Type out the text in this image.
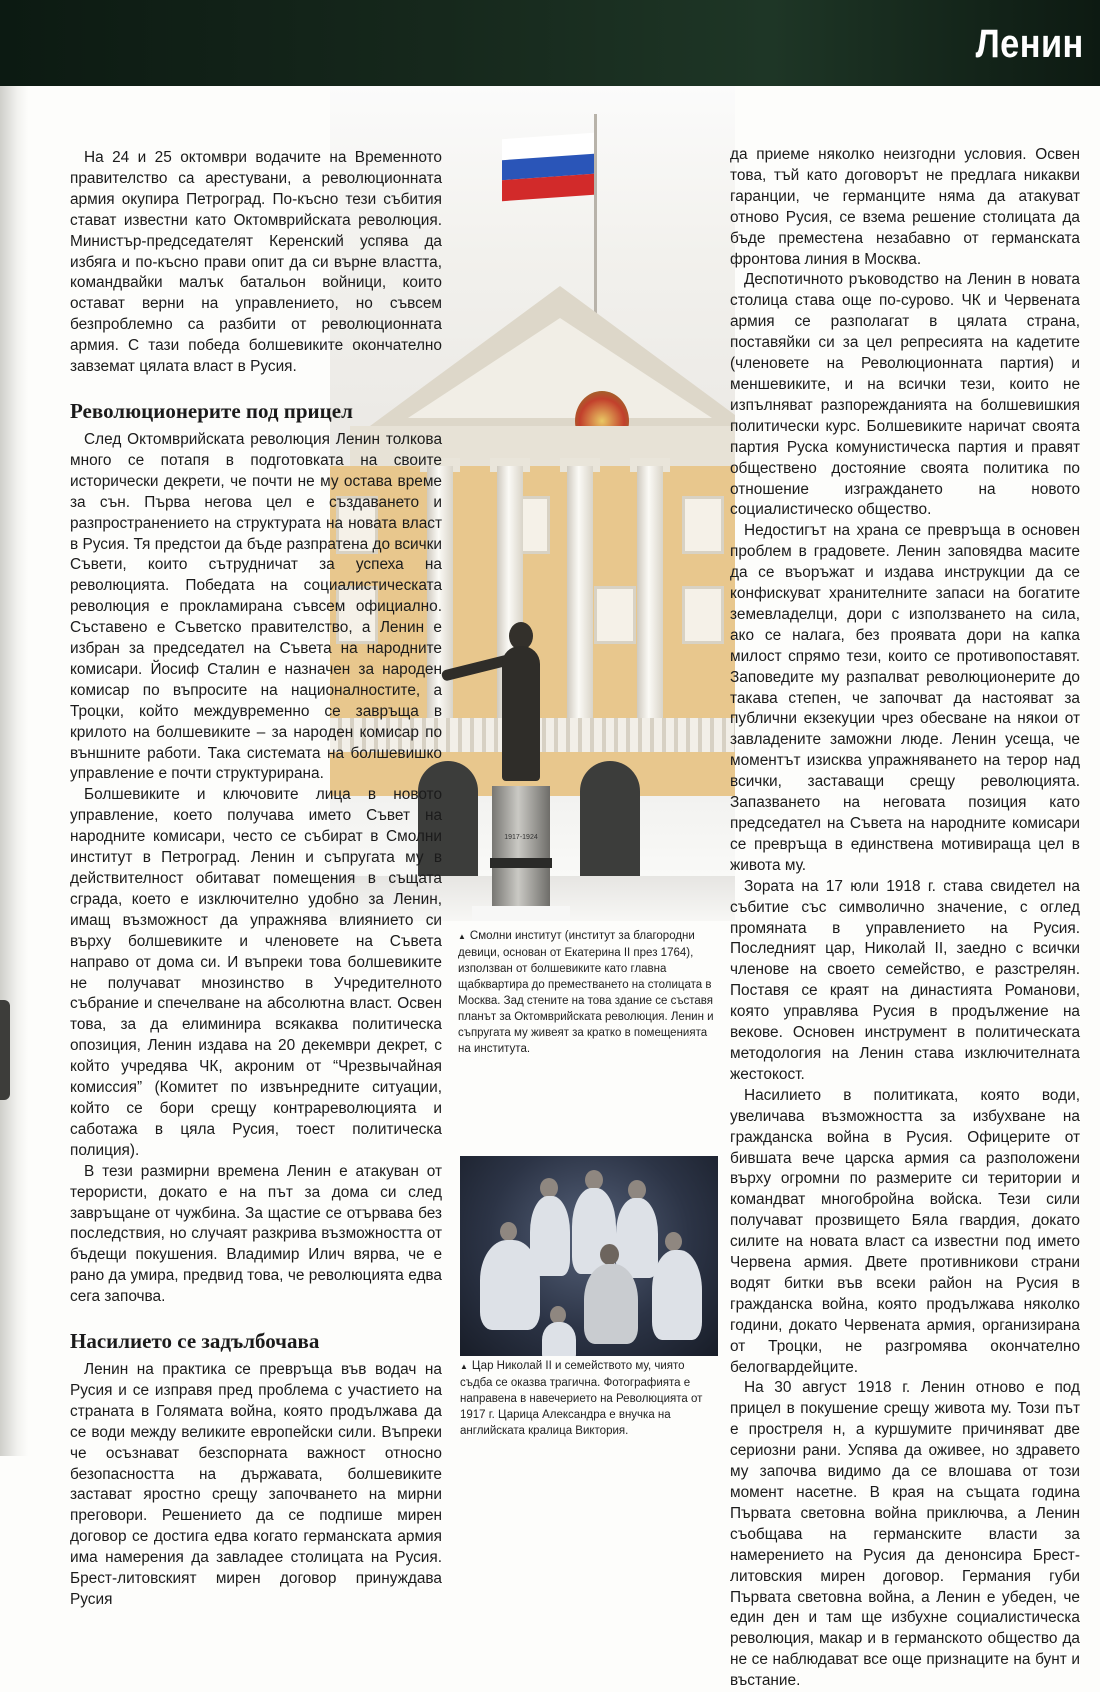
Ленин
1917-1924
▲ Смолни институт (институт за благородни девици, основан от Екатерина II през 1764), използван от болшевиките като главна щабквартира до преместването на столицата в Москва. Зад стените на това здание се съставя планът за Октомврийската революция. Ленин и съпругата му живеят за кратко в помещенията на института.
▲ Цар Николай II и семейството му, чиято съдба се оказва трагична. Фотографията е направена в навечерието на Революцията от 1917 г. Царица Александра е внучка на английската кралица Виктория.

На 24 и 25 октомври водачите на Временното правителство са арестувани, а революционната армия окупира Петроград. По-късно тези събития стават известни като Октомврийската революция. Министър-председателят Керенский успява да избяга и по-късно прави опит да си върне властта, командвайки малък батальон войници, които остават верни на управлението, но съвсем безпроблемно са разбити от революционната армия. С тази победа болшевиките окончателно завземат цялата власт в Русия.

Революционерите под прицел

След Октомврийската революция Ленин толкова много се потапя в подготовката на своите исторически декрети, че почти не му остава време за сън. Първа негова цел е създаването и разпространението на структурата на новата власт в Русия. Тя предстои да бъде разпратена до всички Съвети, които сътрудничат за успеха на революцията. Победата на социалистическата революция е прокламирана съвсем официално. Съставено е Съветско правителство, а Ленин е избран за председател на Съвета на народните комисари. Йосиф Сталин е назначен за народен комисар по въпросите на националностите, а Троцки, който междувременно се завръща в крилото на болшевиките – за народен комисар по външните работи. Така системата на болшевишко управление е почти структурирана.

Болшевиките и ключовите лица в новото управление, което получава името Съвет на народните комисари, често се събират в Смолни институт в Петроград. Ленин и съпругата му в действителност обитават помещения в същата сграда, което е изключително удобно за Ленин, имащ възможност да упражнява влиянието си върху болшевиките и членовете на Съвета направо от дома си. И въпреки това болшевиките не получават мнозинство в Учредителното събрание и спечелване на абсолютна власт. Освен това, за да елиминира всякаква политическа опозиция, Ленин издава на 20 декември декрет, с който учредява ЧК, акроним от “Чрезвычайная комиссия” (Комитет по извънредните ситуации, който се бори срещу контрареволюцията и саботажа в цяла Русия, тоест политическа полиция).

В тези размирни времена Ленин е атакуван от терористи, докато е на път за дома си след завръщане от чужбина. За щастие се отървава без последствия, но случаят разкрива възможността от бъдещи покушения. Владимир Илич вярва, че е рано да умира, предвид това, че революцията едва сега започва.

Насилието се задълбочава

Ленин на практика се превръща във водач на Русия и се изправя пред проблема с участието на страната в Голямата война, която продължава да се води между великите европейски сили. Въпреки че осъзнават безспорната важност относно безопасността на държавата, болшевиките застават яростно срещу започването на мирни преговори. Решението да се подпише мирен договор се достига едва когато германската армия има намерения да завладее столицата на Русия. Брест-литовският мирен договор принуждава Русия

да приеме няколко неизгодни условия. Освен това, тъй като договорът не предлага никакви гаранции, че германците няма да атакуват отново Русия, се взема решение столицата да бъде преместена незабавно от германската фронтова линия в Москва.

Деспотичното ръководство на Ленин в новата столица става още по-сурово. ЧК и Червената армия се разполагат в цялата страна, поставяйки си за цел репресията на кадетите (членовете на Революционната партия) и меншевиките, и на всички тези, които не изпълняват разпорежданията на болшевишкия политически курс. Болшевиките наричат своята партия Руска комунистическа партия и правят обществено достояние своята политика по отношение изграждането на новото социалистическо общество.

Недостигът на храна се превръща в основен проблем в градовете. Ленин заповядва масите да се въоръжат и издава инструкции да се конфискуват хранителните запаси на богатите земевладелци, дори с използването на сила, ако се налага, без проявата дори на капка милост спрямо тези, които се противопоставят. Заповедите му разпалват революционерите до такава степен, че започват да настояват за публични екзекуции чрез обесване на някои от завладените заможни люде. Ленин усеща, че моментът изисква упражняването на терор над всички, заставащи срещу революцията. Запазването на неговата позиция като председател на Съвета на народните комисари се превръща в единствена мотивираща цел в живота му.

Зората на 17 юли 1918 г. става свидетел на събитие със символично значение, с оглед промяната в управлението на Русия. Последният цар, Николай II, заедно с всички членове на своето семейство, е разстрелян. Поставя се краят на династията Романови, която управлява Русия в продължение на векове. Основен инструмент в политическата методология на Ленин става изключителната жестокост.

Насилието в политиката, която води, увеличава възможността за избухване на гражданска война в Русия. Офицерите от бившата вече царска армия са разположени върху огромни по размерите си територии и командват многобройна войска. Тези сили получават прозвището Бяла гвардия, докато силите на новата власт са известни под името Червена армия. Двете противникови страни водят битки във всеки район на Русия в гражданска война, която продължава няколко години, докато Червената армия, организирана от Троцки, не разгромява окончателно белогвардейците.

На 30 август 1918 г. Ленин отново е под прицел в покушение срещу живота му. Този път е простреля н, а куршумите причиняват две сериозни рани. Успява да оживее, но здравето му започва видимо да се влошава от този момент насетне. В края на същата година Първата световна война приключва, а Ленин съобщава на германските власти за намерението на Русия да денонсира Брест-литовския мирен договор. Германия губи Първата световна война, а Ленин е убеден, че един ден и там ще избухне социалистическа революция, макар и в германското общество да не се наблюдават все още признаците на бунт и въстание.
